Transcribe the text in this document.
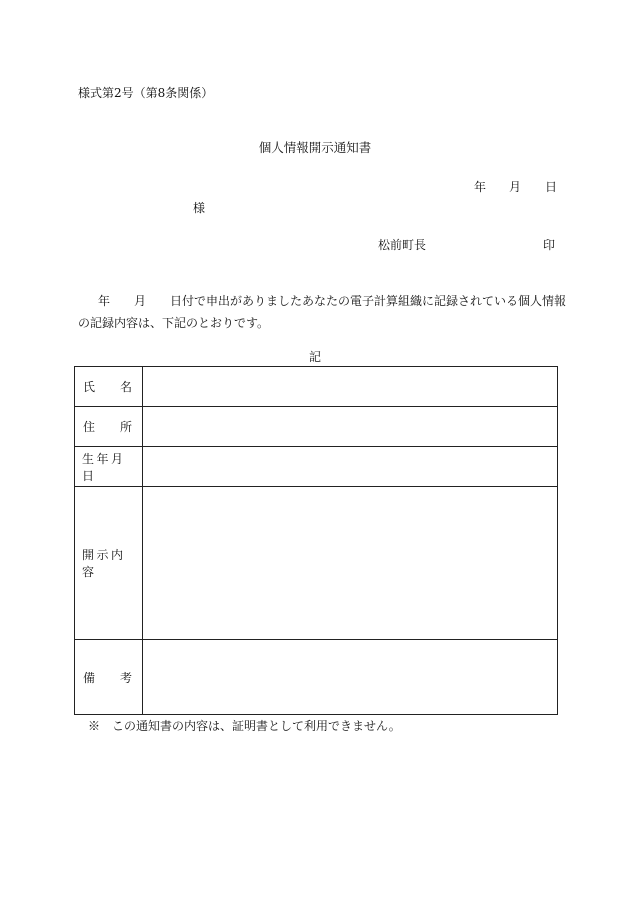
様式第2号（第8条関係）
個人情報開示通知書
年 月 日
様
松前町長	印
年　　月　　日付で申出がありましたあなたの電子計算組織に記録されている個人情報の記録内容は、下記のとおりです。
記
氏 名	

住 所	

生年月日	

開示内容	

備 考	

※　この通知書の内容は、証明書として利用できません。
